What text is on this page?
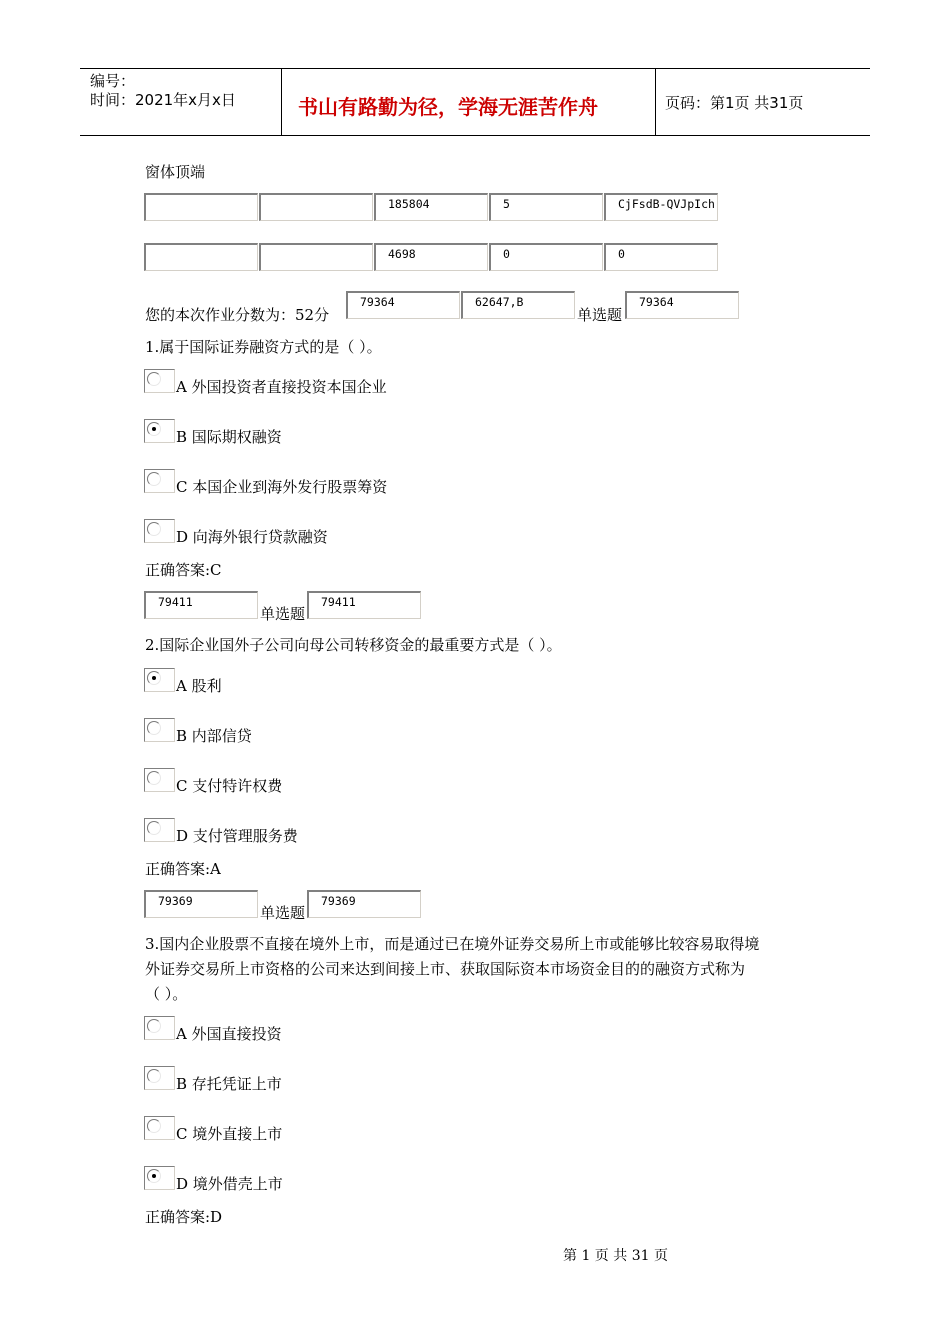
编号：
时间：2021年x月x日	书山有路勤为径，学海无涯苦作舟	页码：第1页 共31页
窗体顶端
185804	5	CjFsdB-QVJpIch
4698	0	0
您的本次作业分数为：52分
79364	62647,B
单选题
79364
1.属于国际证券融资方式的是（ ）。
A 外国投资者直接投资本国企业
B 国际期权融资
C 本国企业到海外发行股票筹资
D 向海外银行贷款融资
正确答案:C
79411
单选题
79411
2.国际企业国外子公司向母公司转移资金的最重要方式是（ ）。
A 股利
B 内部信贷
C 支付特许权费
D 支付管理服务费
正确答案:A
79369
单选题
79369
3.国内企业股票不直接在境外上市，而是通过已在境外证券交易所上市或能够比较容易取得境
外证券交易所上市资格的公司来达到间接上市、获取国际资本市场资金目的的融资方式称为
（ ）。
A 外国直接投资
B 存托凭证上市
C 境外直接上市
D 境外借壳上市
正确答案:D
第 1 页 共 31 页
